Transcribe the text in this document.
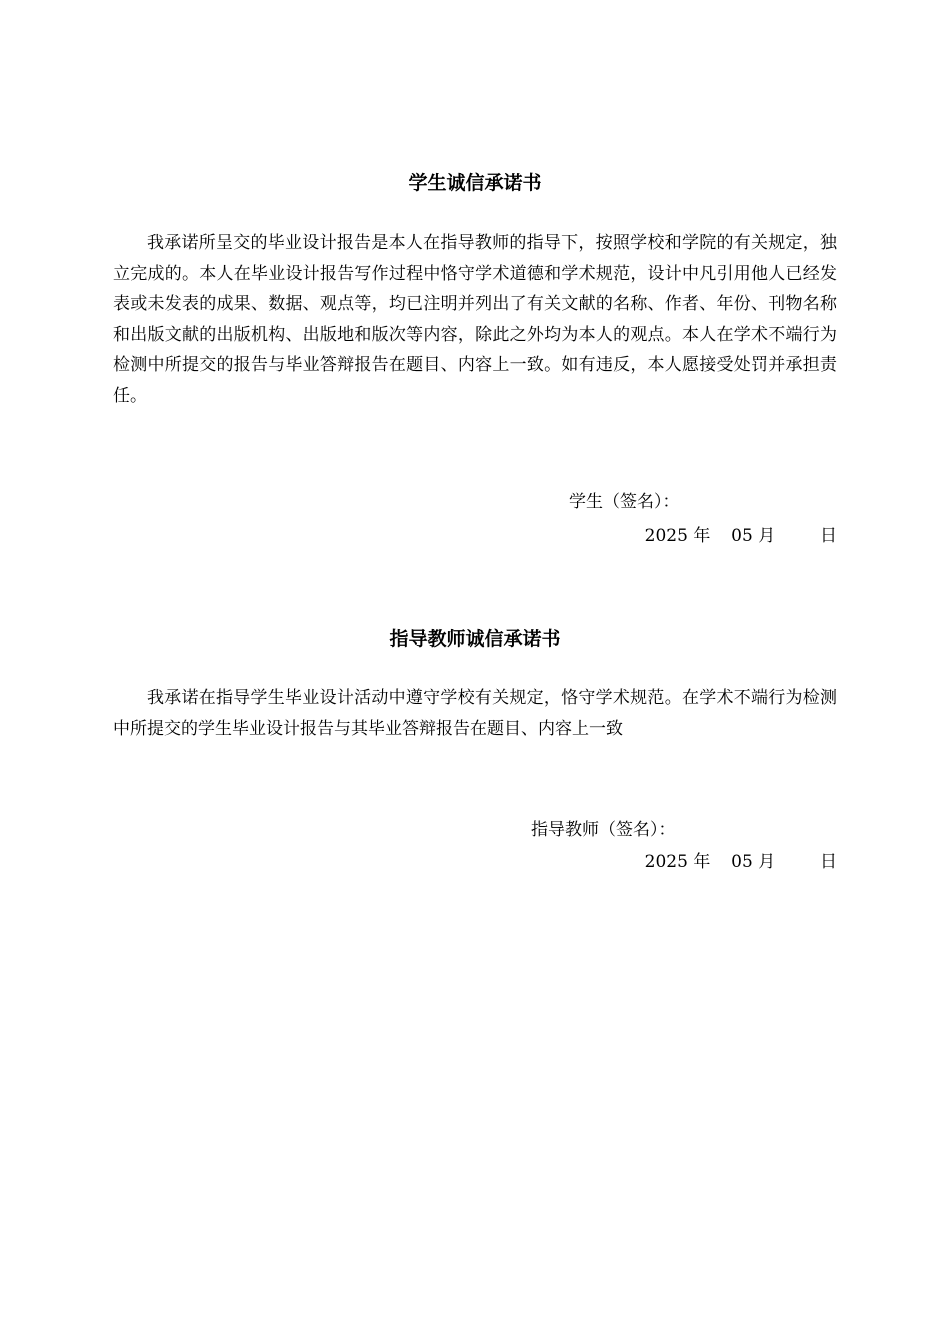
学生诚信承诺书

我承诺所呈交的毕业设计报告是本人在指导教师的指导下，按照学校和学院的有关规定，独立完成的。本人在毕业设计报告写作过程中恪守学术道德和学术规范，设计中凡引用他人已经发表或未发表的成果、数据、观点等，均已注明并列出了有关文献的名称、作者、年份、刊物名称和出版文献的出版机构、出版地和版次等内容，除此之外均为本人的观点。本人在学术不端行为检测中所提交的报告与毕业答辩报告在题目、内容上一致。如有违反，本人愿接受处罚并承担责任。

学生（签名）：

2025 年 05 月	日

指导教师诚信承诺书

我承诺在指导学生毕业设计活动中遵守学校有关规定，恪守学术规范。在学术不端行为检测中所提交的学生毕业设计报告与其毕业答辩报告在题目、内容上一致

指导教师（签名）：

2025 年 05 月	日
